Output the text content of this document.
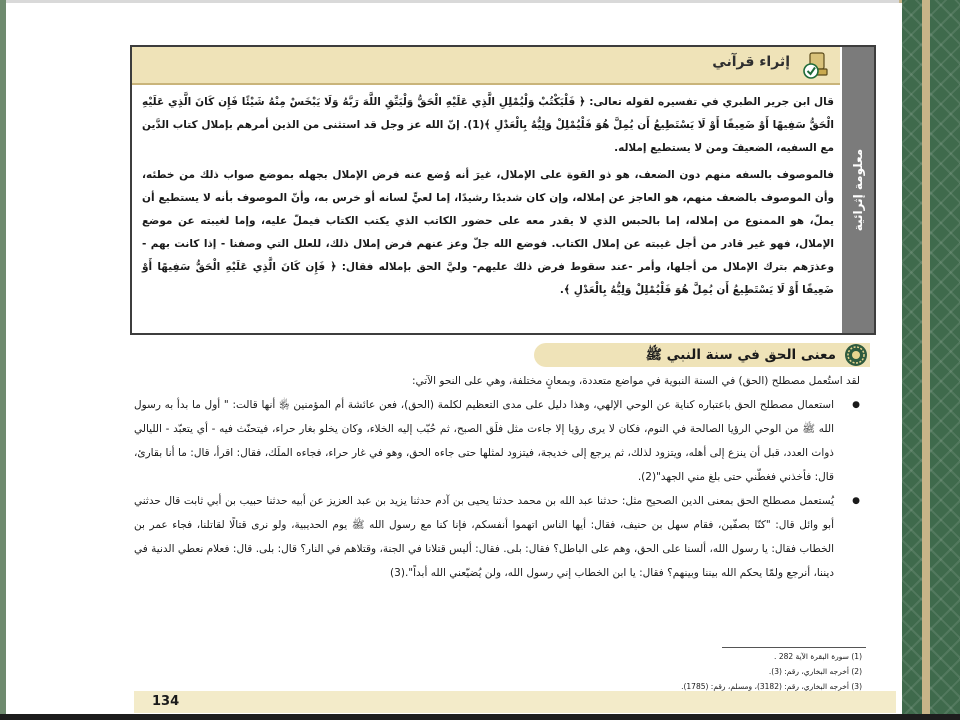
إثراء قرآني
معلومة إثرائية

قال ابن جرير الطبري في تفسيره لقوله تعالى: ﴿ فَلْيَكْتُبْ وَلْيُمْلِلِ الَّذِي عَلَيْهِ الْحَقُّ وَلْيَتَّقِ اللَّهَ رَبَّهُ وَلَا يَبْخَسْ مِنْهُ شَيْئًا فَإِن كَانَ الَّذِي عَلَيْهِ الْحَقُّ سَفِيهًا أَوْ ضَعِيفًا أَوْ لَا يَسْتَطِيعُ أَن يُمِلَّ هُوَ فَلْيُمْلِلْ وَلِيُّهُ بِالْعَدْلِ ﴾(1). إنّ الله عز وجل قد استثنى من الذين أمرهم بإملال كتاب الدَّين مع السفيه، الضعيفَ ومن لا يستطيع إملاله.

فالموصوف بالسفه منهم دون الضعف، هو ذو القوة على الإملال، غيرَ أنه وُضع عنه فرض الإملال بجهله بموضع صواب ذلك من خطئه، وأن الموصوف بالضعف منهم، هو العاجز عن إملاله، وإن كان شديدًا رشيدًا، إما لعيٍّ لسانه أو خرس به، وأنّ الموصوف بأنه لا يستطيع أن يملّ، هو الممنوع من إملاله، إما بالحبس الذي لا يقدر معه على حضور الكاتب الذي يكتب الكتاب فيملّ عليه، وإما لغيبته عن موضع الإملال، فهو غير قادر من أجل غيبته عن إملال الكتاب. فوضع الله جلّ وعز عنهم فرض إملال ذلك، للعلل التي وصفنا - إذا كانت بهم - وعذرَهم بترك الإملال من أجلها، وأمر -عند سقوط فرض ذلك عليهم- وليَّ الحق بإملاله فقال: ﴿ فَإِن كَانَ الَّذِي عَلَيْهِ الْحَقُّ سَفِيهًا أَوْ ضَعِيفًا أَوْ لَا يَسْتَطِيعُ أَن يُمِلَّ هُوَ فَلْيُمْلِلْ وَلِيُّهُ بِالْعَدْلِ ﴾.

معنى الحق في سنة النبي ﷺ

لقد استُعمل مصطلح (الحق) في السنة النبوية في مواضع متعددة، وبمعانٍ مختلفة، وهي على النحو الآتي:

● استعمال مصطلح الحق باعتباره كناية عن الوحي الإلهي، وهذا دليل على مدى التعظيم لكلمة (الحق)، فعن عائشة أم المؤمنين ﵂ أنها قالت: " أول ما بدأ به رسول الله ﷺ من الوحي الرؤيا الصالحة في النوم، فكان لا يرى رؤيا إلا جاءت مثل فلَق الصبح، ثم حُبّب إليه الخلاء، وكان يخلو بغار حراء، فيتحنّث فيه - أي يتعبّد - الليالي ذوات العدد، قبل أن ينزع إلى أهله، ويتزود لذلك، ثم يرجع إلى خديجة، فيتزود لمثلها حتى جاءه الحق، وهو في غار حراء، فجاءه الملَك، فقال: اقرأ، قال: ما أنا بقارئ، قال: فأخذني فغطّني حتى بلغ مني الجهد"(2).

● يُستعمل مصطلح الحق بمعنى الدين الصحيح مثل: حدثنا عبد الله بن محمد حدثنا يحيى بن آدم حدثنا يزيد بن عبد العزيز عن أبيه حدثنا حبيب بن أبي ثابت قال حدثني أبو وائل قال: "كنّا بصفّين، فقام سهل بن حنيف، فقال: أيها الناس اتهموا أنفسكم، فإنا كنا مع رسول الله ﷺ يوم الحديبية، ولو نرى قتالًا لقاتلنا، فجاء عمر بن الخطاب فقال: يا رسول الله، ألسنا على الحق، وهم على الباطل؟ فقال: بلى. فقال: أليس قتلانا في الجنة، وقتلاهم في النار؟ قال: بلى. قال: فعلام نعطي الدنية في ديننا، أنرجع ولمّا يحكم الله بيننا وبينهم؟ فقال: يا ابن الخطاب إني رسول الله، ولن يُضيّعني الله أبداً".(3)

(1) سورة البقرة الآية 282 .
(2) أخرجه البخاري، رقم: (3).
(3) أخرجه البخاري، رقم: (3182)، ومسلم، رقم: (1785).
134
